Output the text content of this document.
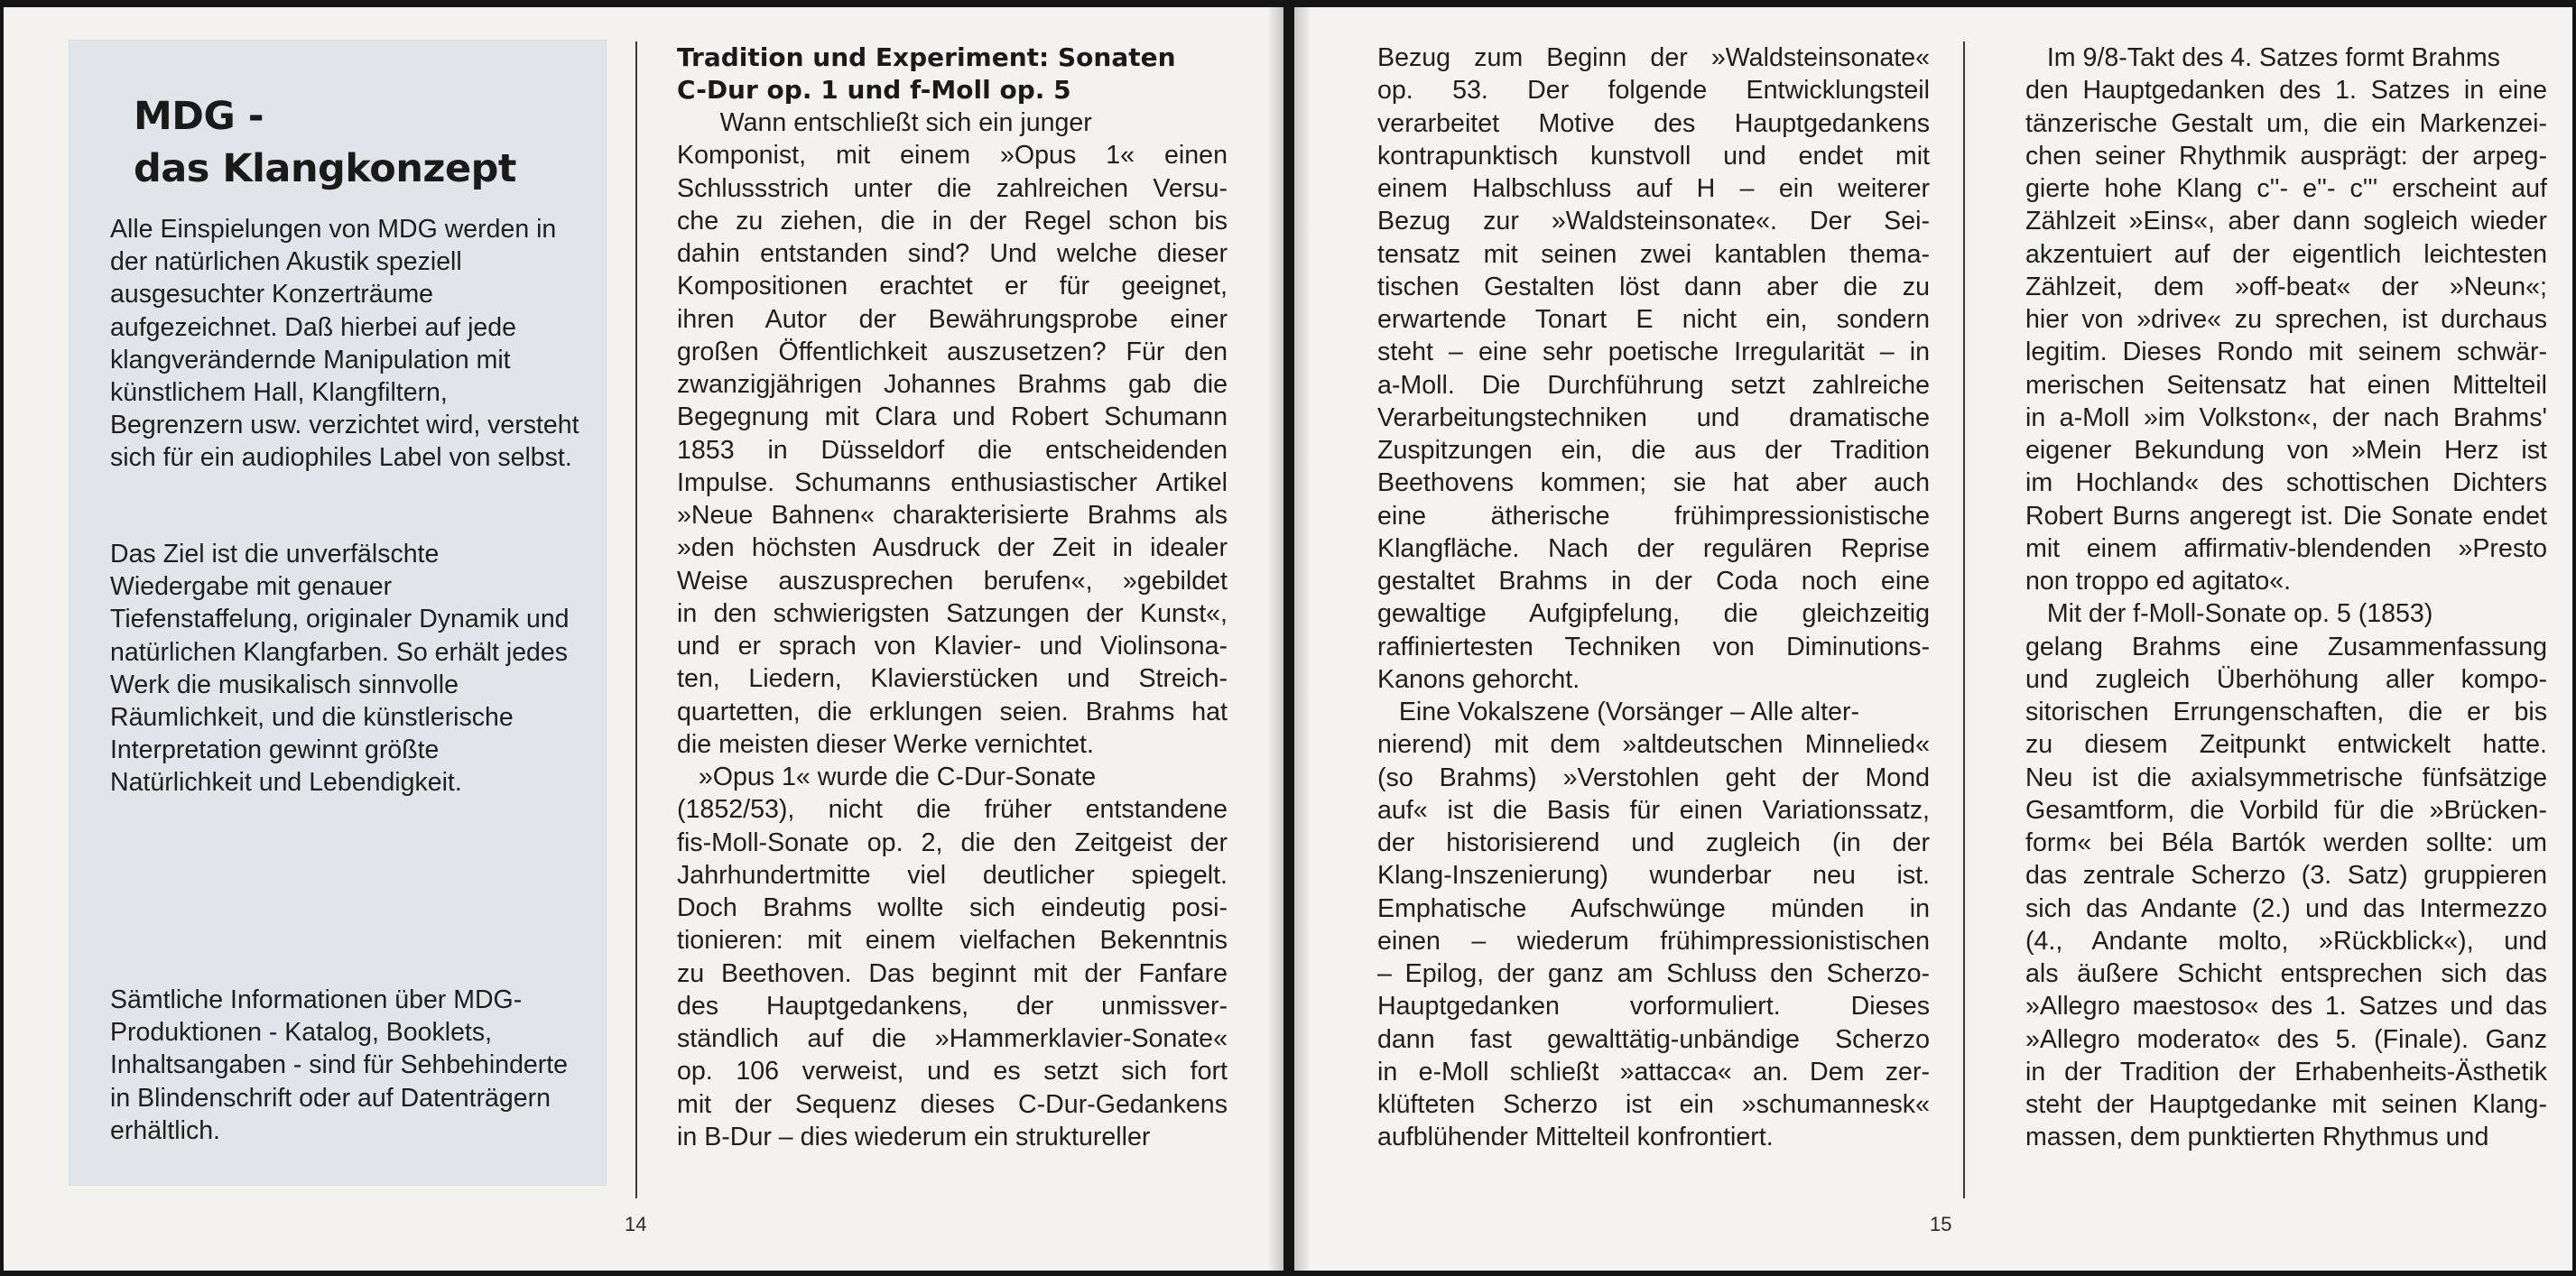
MDG -
das Klangkonzept

Alle Einspielungen von MDG werden in der natürlichen Akustik speziell ausgesuchter Konzerträume aufgezeichnet. Daß hierbei auf jede klangverändernde Manipulation mit künstlichem Hall, Klangfiltern, Begrenzern usw. verzichtet wird, versteht sich für ein audiophiles Label von selbst.

Das Ziel ist die unverfälschte Wiedergabe mit genauer Tiefenstaffelung, originaler Dynamik und natürlichen Klangfarben. So erhält jedes Werk die musikalisch sinnvolle Räumlichkeit, und die künstlerische Interpretation gewinnt größte Natürlichkeit und Lebendigkeit.

Sämtliche Informationen über MDG-Produktionen - Katalog, Booklets, Inhaltsangaben - sind für Sehbehinderte in Blindenschrift oder auf Datenträgern erhältlich.

Tradition und Experiment: Sonaten
C-Dur op. 1 und f-Moll op. 5
Wann entschließt sich ein junger
Komponist, mit einem »Opus 1« einen
Schlussstrich unter die zahlreichen Versu-
che zu ziehen, die in der Regel schon bis
dahin entstanden sind? Und welche dieser
Kompositionen erachtet er für geeignet,
ihren Autor der Bewährungsprobe einer
großen Öffentlichkeit auszusetzen? Für den
zwanzigjährigen Johannes Brahms gab die
Begegnung mit Clara und Robert Schumann
1853 in Düsseldorf die entscheidenden
Impulse. Schumanns enthusiastischer Artikel
»Neue Bahnen« charakterisierte Brahms als
»den höchsten Ausdruck der Zeit in idealer
Weise auszusprechen berufen«, »gebildet
in den schwierigsten Satzungen der Kunst«,
und er sprach von Klavier- und Violinsona-
ten, Liedern, Klavierstücken und Streich-
quartetten, die erklungen seien. Brahms hat
die meisten dieser Werke vernichtet.
»Opus 1« wurde die C-Dur-Sonate
(1852/53), nicht die früher entstandene
fis-Moll-Sonate op. 2, die den Zeitgeist der
Jahrhundertmitte viel deutlicher spiegelt.
Doch Brahms wollte sich eindeutig posi-
tionieren: mit einem vielfachen Bekenntnis
zu Beethoven. Das beginnt mit der Fanfare
des Hauptgedankens, der unmissver-
ständlich auf die »Hammerklavier-Sonate«
op. 106 verweist, und es setzt sich fort
mit der Sequenz dieses C-Dur-Gedankens
in B-Dur – dies wiederum ein struktureller

14

Bezug zum Beginn der »Waldsteinsonate«
op. 53. Der folgende Entwicklungsteil
verarbeitet Motive des Hauptgedankens
kontrapunktisch kunstvoll und endet mit
einem Halbschluss auf H – ein weiterer
Bezug zur »Waldsteinsonate«. Der Sei-
tensatz mit seinen zwei kantablen thema-
tischen Gestalten löst dann aber die zu
erwartende Tonart E nicht ein, sondern
steht – eine sehr poetische Irregularität – in
a-Moll. Die Durchführung setzt zahlreiche
Verarbeitungstechniken und dramatische
Zuspitzungen ein, die aus der Tradition
Beethovens kommen; sie hat aber auch
eine ätherische frühimpressionistische
Klangfläche. Nach der regulären Reprise
gestaltet Brahms in der Coda noch eine
gewaltige Aufgipfelung, die gleichzeitig
raffiniertesten Techniken von Diminutions-
Kanons gehorcht.
Eine Vokalszene (Vorsänger – Alle alter-
nierend) mit dem »altdeutschen Minnelied«
(so Brahms) »Verstohlen geht der Mond
auf« ist die Basis für einen Variationssatz,
der historisierend und zugleich (in der
Klang-Inszenierung) wunderbar neu ist.
Emphatische Aufschwünge münden in
einen – wiederum frühimpressionistischen
– Epilog, der ganz am Schluss den Scherzo-
Hauptgedanken vorformuliert. Dieses
dann fast gewalttätig-unbändige Scherzo
in e-Moll schließt »attacca« an. Dem zer-
klüfteten Scherzo ist ein »schumannesk«
aufblühender Mittelteil konfrontiert.
Im 9/8-Takt des 4. Satzes formt Brahms
den Hauptgedanken des 1. Satzes in eine
tänzerische Gestalt um, die ein Markenzei-
chen seiner Rhythmik ausprägt: der arpeg-
gierte hohe Klang c''- e''- c''' erscheint auf
Zählzeit »Eins«, aber dann sogleich wieder
akzentuiert auf der eigentlich leichtesten
Zählzeit, dem »off-beat« der »Neun«;
hier von »drive« zu sprechen, ist durchaus
legitim. Dieses Rondo mit seinem schwär-
merischen Seitensatz hat einen Mittelteil
in a-Moll »im Volkston«, der nach Brahms'
eigener Bekundung von »Mein Herz ist
im Hochland« des schottischen Dichters
Robert Burns angeregt ist. Die Sonate endet
mit einem affirmativ-blendenden »Presto
non troppo ed agitato«.
Mit der f-Moll-Sonate op. 5 (1853)
gelang Brahms eine Zusammenfassung
und zugleich Überhöhung aller kompo-
sitorischen Errungenschaften, die er bis
zu diesem Zeitpunkt entwickelt hatte.
Neu ist die axialsymmetrische fünfsätzige
Gesamtform, die Vorbild für die »Brücken-
form« bei Béla Bartók werden sollte: um
das zentrale Scherzo (3. Satz) gruppieren
sich das Andante (2.) und das Intermezzo
(4., Andante molto, »Rückblick«), und
als äußere Schicht entsprechen sich das
»Allegro maestoso« des 1. Satzes und das
»Allegro moderato« des 5. (Finale). Ganz
in der Tradition der Erhabenheits-Ästhetik
steht der Hauptgedanke mit seinen Klang-
massen, dem punktierten Rhythmus und

15
